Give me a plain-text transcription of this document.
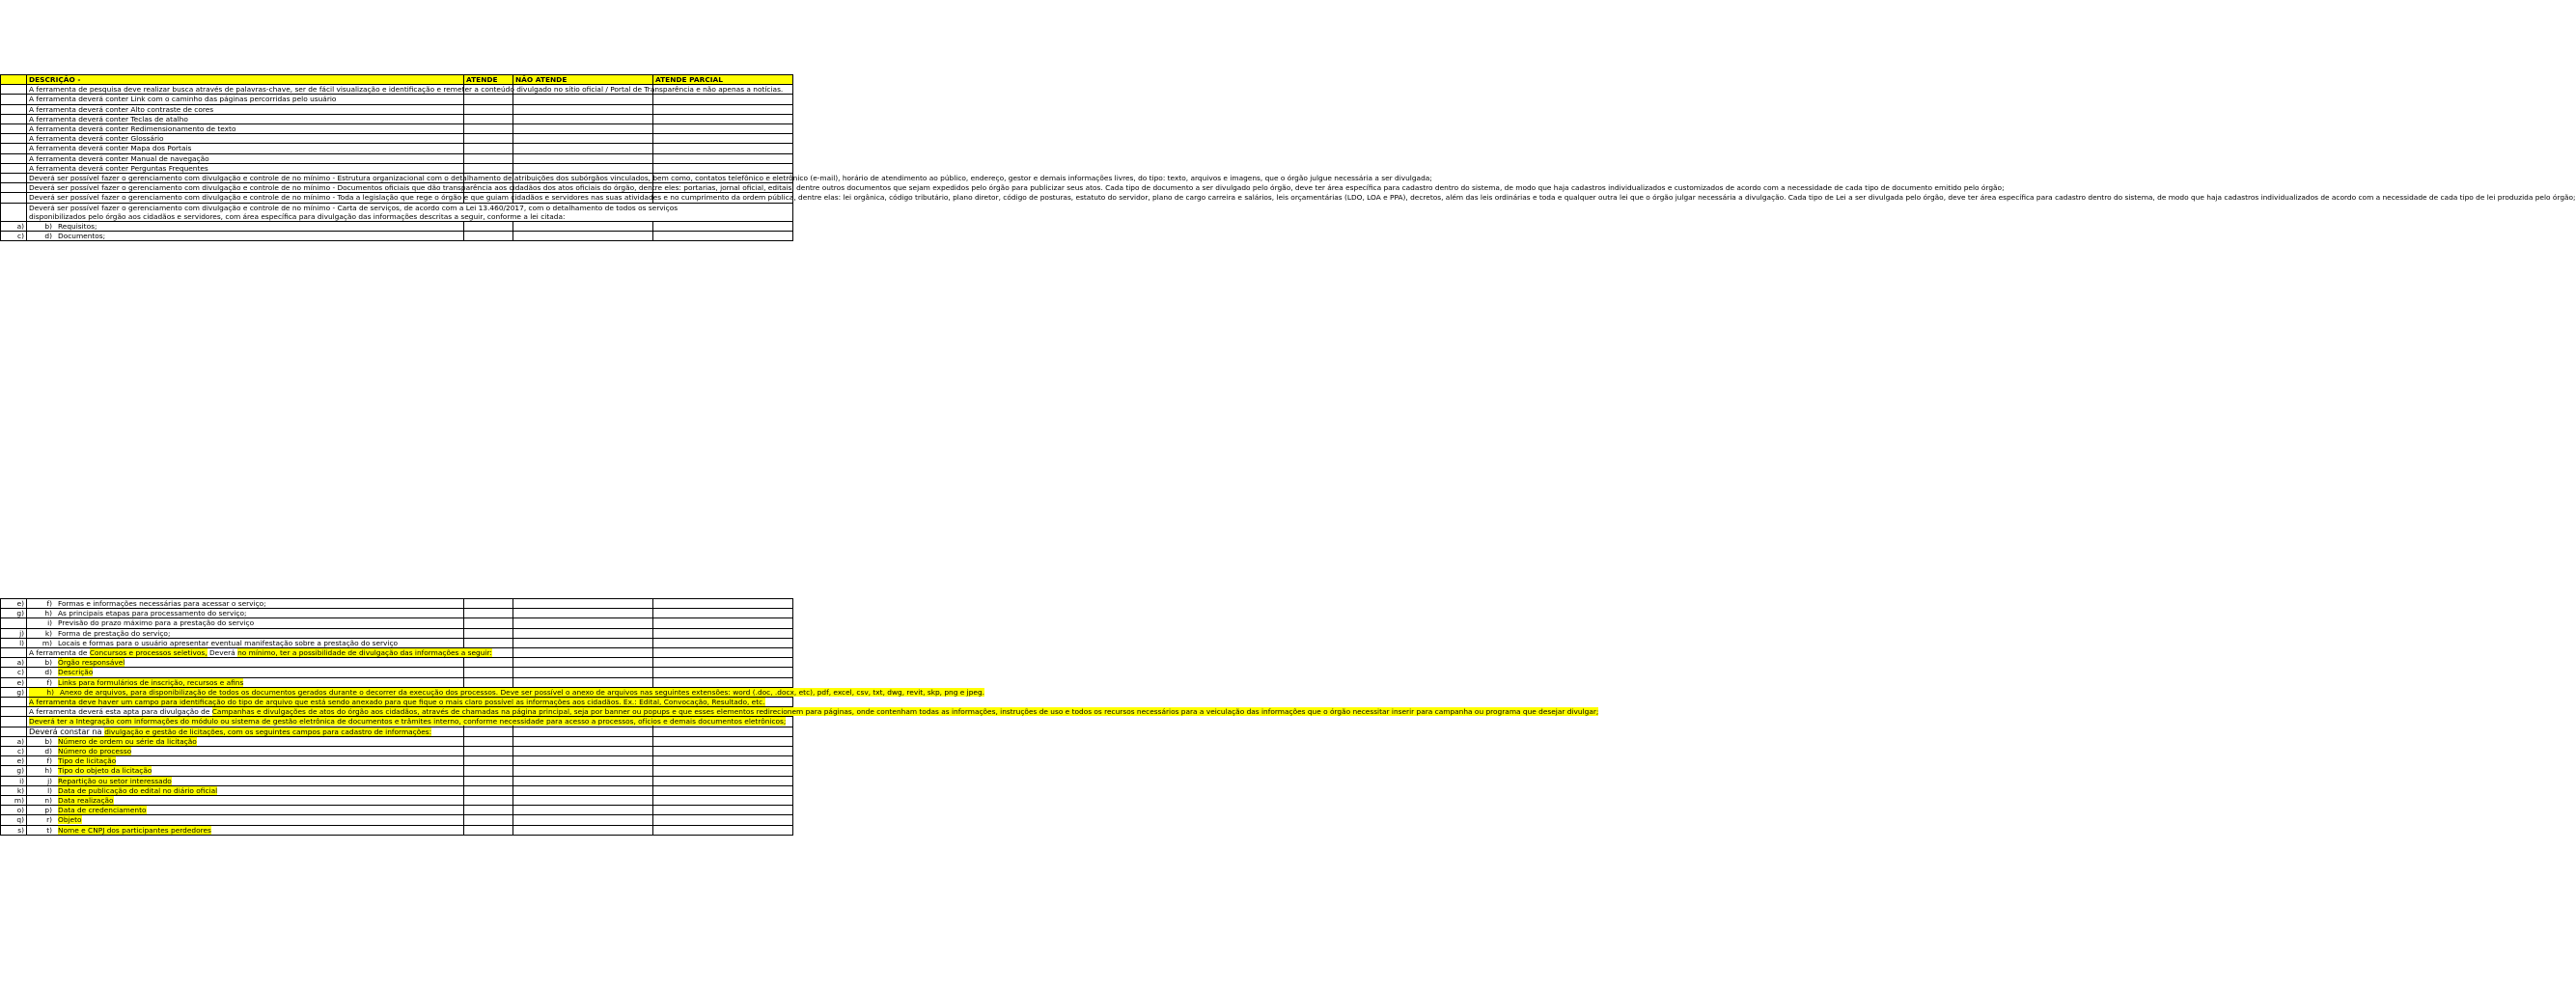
	DESCRIÇÃO -	ATENDE	NÃO ATENDE	ATENDE PARCIAL
	A ferramenta de pesquisa deve realizar busca através de palavras-chave, ser de fácil visualização e identificação e remeter a conteúdo divulgado no sítio oficial / Portal de Transparência e não apenas a notícias.			
	A ferramenta deverá conter Link com o caminho das páginas percorridas pelo usuário			
	A ferramenta deverá conter Alto contraste de cores			
	A ferramenta deverá conter Teclas de atalho			
	A ferramenta deverá conter Redimensionamento de texto			
	A ferramenta deverá conter Glossário			
	A ferramenta deverá conter Mapa dos Portais			
	A ferramenta deverá conter Manual de navegação			
	A ferramenta deverá conter Perguntas Frequentes			
	Deverá ser possível fazer o gerenciamento com divulgação e controle de no mínimo - Estrutura organizacional com o detalhamento de atribuições dos subórgãos vinculados, bem como, contatos telefônico e eletrônico (e-mail), horário de atendimento ao público, endereço, gestor e demais informações livres, do tipo: texto, arquivos e imagens, que o órgão julgue necessária a ser divulgada;			
	Deverá ser possível fazer o gerenciamento com divulgação e controle de no mínimo - Documentos oficiais que dão transparência aos cidadãos dos atos oficiais do órgão, dentre eles: portarias, jornal oficial, editais, dentre outros documentos que sejam expedidos pelo órgão para publicizar seus atos. Cada tipo de documento a ser divulgado pelo órgão, deve ter área específica para cadastro dentro do sistema, de modo que haja cadastros individualizados e customizados de acordo com a necessidade de cada tipo de documento emitido pelo órgão;			
	Deverá ser possível fazer o gerenciamento com divulgação e controle de no mínimo - Toda a legislação que rege o órgão e que guiam cidadãos e servidores nas suas atividades e no cumprimento da ordem pública, dentre elas: lei orgânica, código tributário, plano diretor, código de posturas, estatuto do servidor, plano de cargo carreira e salários, leis orçamentárias (LDO, LOA e PPA), decretos, além das leis ordinárias e toda e qualquer outra lei que o órgão julgar necessária a divulgação. Cada tipo de Lei a ser divulgada pelo órgão, deve ter área específica para cadastro dentro do sistema, de modo que haja cadastros individualizados de acordo com a necessidade de cada tipo de lei produzida pelo órgão;			

	Deverá ser possível fazer o gerenciamento com divulgação e controle de no mínimo - Carta de serviços, de acordo com a Lei 13.460/2017, com o detalhamento de todos os serviços
disponibilizados pelo órgão aos cidadãos e servidores, com área específica para divulgação das informações descritas a seguir, conforme a lei citada:			

a)	b) Requisitos;			
c)	d) Documentos;			
e)	f) Formas e informações necessárias para acessar o serviço;			
g)	h) As principais etapas para processamento do serviço;			
	i) Previsão do prazo máximo para a prestação do serviço			
j)	k) Forma de prestação do serviço;			
l)	m) Locais e formas para o usuário apresentar eventual manifestação sobre a prestação do serviço			
	A ferramenta de Concursos e processos seletivos, Deverá no mínimo, ter a possibilidade de divulgação das informações a seguir:			
a)	b) Órgão responsável			
c)	d) Descrição			
e)	f) Links para formulários de inscrição, recursos e afins			
g)	h) Anexo de arquivos, para disponibilização de todos os documentos gerados durante o decorrer da execução dos processos. Deve ser possível o anexo de arquivos nas seguintes extensões: word (.doc, .docx, etc), pdf, excel, csv, txt, dwg, revit, skp, png e jpeg.			
	A ferramenta deve haver um campo para identificação do tipo de arquivo que está sendo anexado para que fique o mais claro possível as informações aos cidadãos. Ex.: Edital, Convocação, Resultado, etc.			
	A ferramenta deverá esta apta para divulgação de Campanhas e divulgações de atos do órgão aos cidadãos, através de chamadas na página principal, seja por banner ou popups e que esses elementos redirecionem para páginas, onde contenham todas as informações, instruções de uso e todos os recursos necessários para a veiculação das informações que o órgão necessitar inserir para campanha ou programa que desejar divulgar;			
	Deverá ter a Integração com informações do módulo ou sistema de gestão eletrônica de documentos e trâmites interno, conforme necessidade para acesso a processos, ofícios e demais documentos eletrônicos;			
	Deverá constar na divulgação e gestão de licitações, com os seguintes campos para cadastro de informações:			
a)	b) Número de ordem ou série da licitação			
c)	d) Número do processo			
e)	f) Tipo de licitação			
g)	h) Tipo do objeto da licitação			
i)	j) Repartição ou setor interessado			
k)	l) Data de publicação do edital no diário oficial			
m)	n) Data realização			
o)	p) Data de credenciamento			
q)	r) Objeto			
s)	t) Nome e CNPJ dos participantes perdedores			
